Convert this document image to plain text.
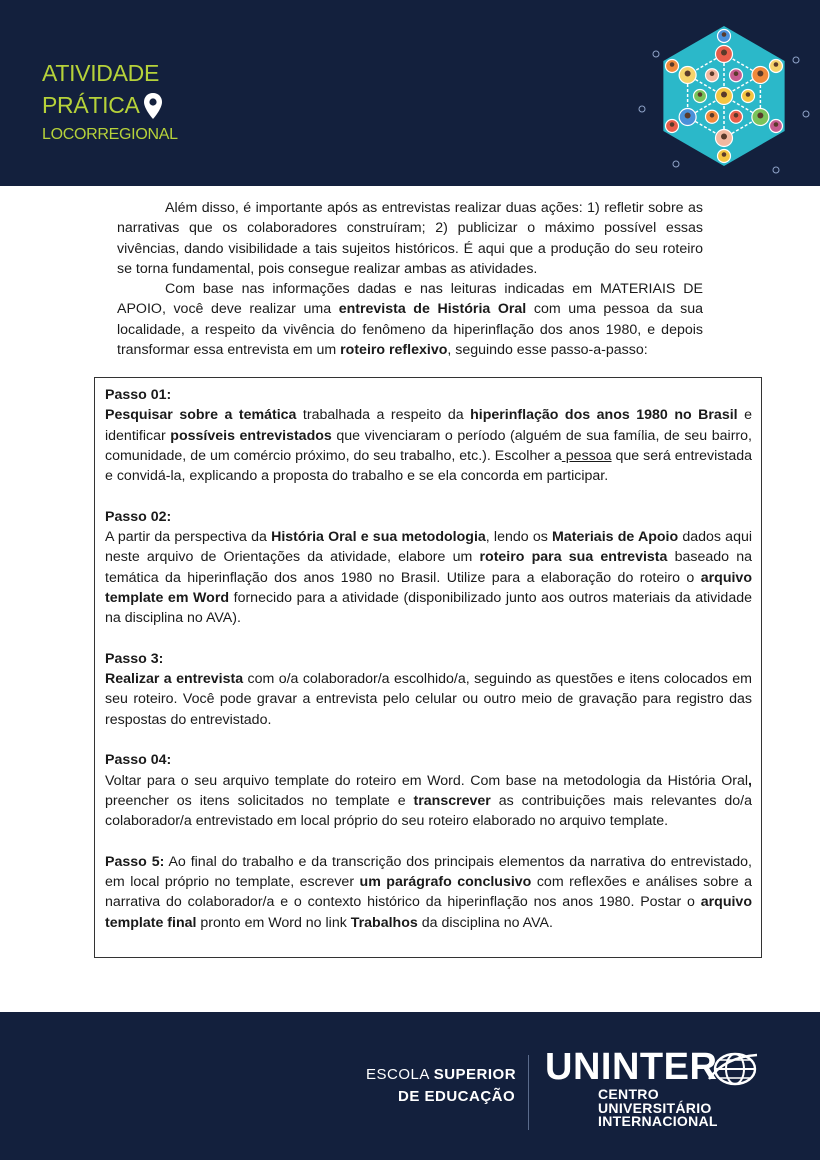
ATIVIDADE
PRÁTICA
LOCORREGIONAL

Além disso, é importante após as entrevistas realizar duas ações: 1) refletir sobre as narrativas que os colaboradores construíram; 2) publicizar o máximo possível essas vivências, dando visibilidade a tais sujeitos históricos. É aqui que a produção do seu roteiro se torna fundamental, pois consegue realizar ambas as atividades.

Com base nas informações dadas e nas leituras indicadas em MATERIAIS DE APOIO, você deve realizar uma entrevista de História Oral com uma pessoa da sua localidade, a respeito da vivência do fenômeno da hiperinflação dos anos 1980, e depois transformar essa entrevista em um roteiro reflexivo, seguindo esse passo-a-passo:

Passo 01:
Pesquisar sobre a temática trabalhada a respeito da hiperinflação dos anos 1980 no Brasil e identificar possíveis entrevistados que vivenciaram o período (alguém de sua família, de seu bairro, comunidade, de um comércio próximo, do seu trabalho, etc.). Escolher a pessoa que será entrevistada e convidá-la, explicando a proposta do trabalho e se ela concorda em participar.
Passo 02:
A partir da perspectiva da História Oral e sua metodologia, lendo os Materiais de Apoio dados aqui neste arquivo de Orientações da atividade, elabore um roteiro para sua entrevista baseado na temática da hiperinflação dos anos 1980 no Brasil. Utilize para a elaboração do roteiro o arquivo template em Word fornecido para a atividade (disponibilizado junto aos outros materiais da atividade na disciplina no AVA).
Passo 3:
Realizar a entrevista com o/a colaborador/a escolhido/a, seguindo as questões e itens colocados em seu roteiro. Você pode gravar a entrevista pelo celular ou outro meio de gravação para registro das respostas do entrevistado.
Passo 04:
Voltar para o seu arquivo template do roteiro em Word. Com base na metodologia da História Oral, preencher os itens solicitados no template e transcrever as contribuições mais relevantes do/a colaborador/a entrevistado em local próprio do seu roteiro elaborado no arquivo template.
Passo 5: Ao final do trabalho e da transcrição dos principais elementos da narrativa do entrevistado, em local próprio no template, escrever um parágrafo conclusivo com reflexões e análises sobre a narrativa do colaborador/a e o contexto histórico da hiperinflação nos anos 1980. Postar o arquivo template final pronto em Word no link Trabalhos da disciplina no AVA.
ESCOLA SUPERIOR
DE EDUCAÇÃO
UNINTER
CENTRO
UNIVERSITÁRIO
INTERNACIONAL
